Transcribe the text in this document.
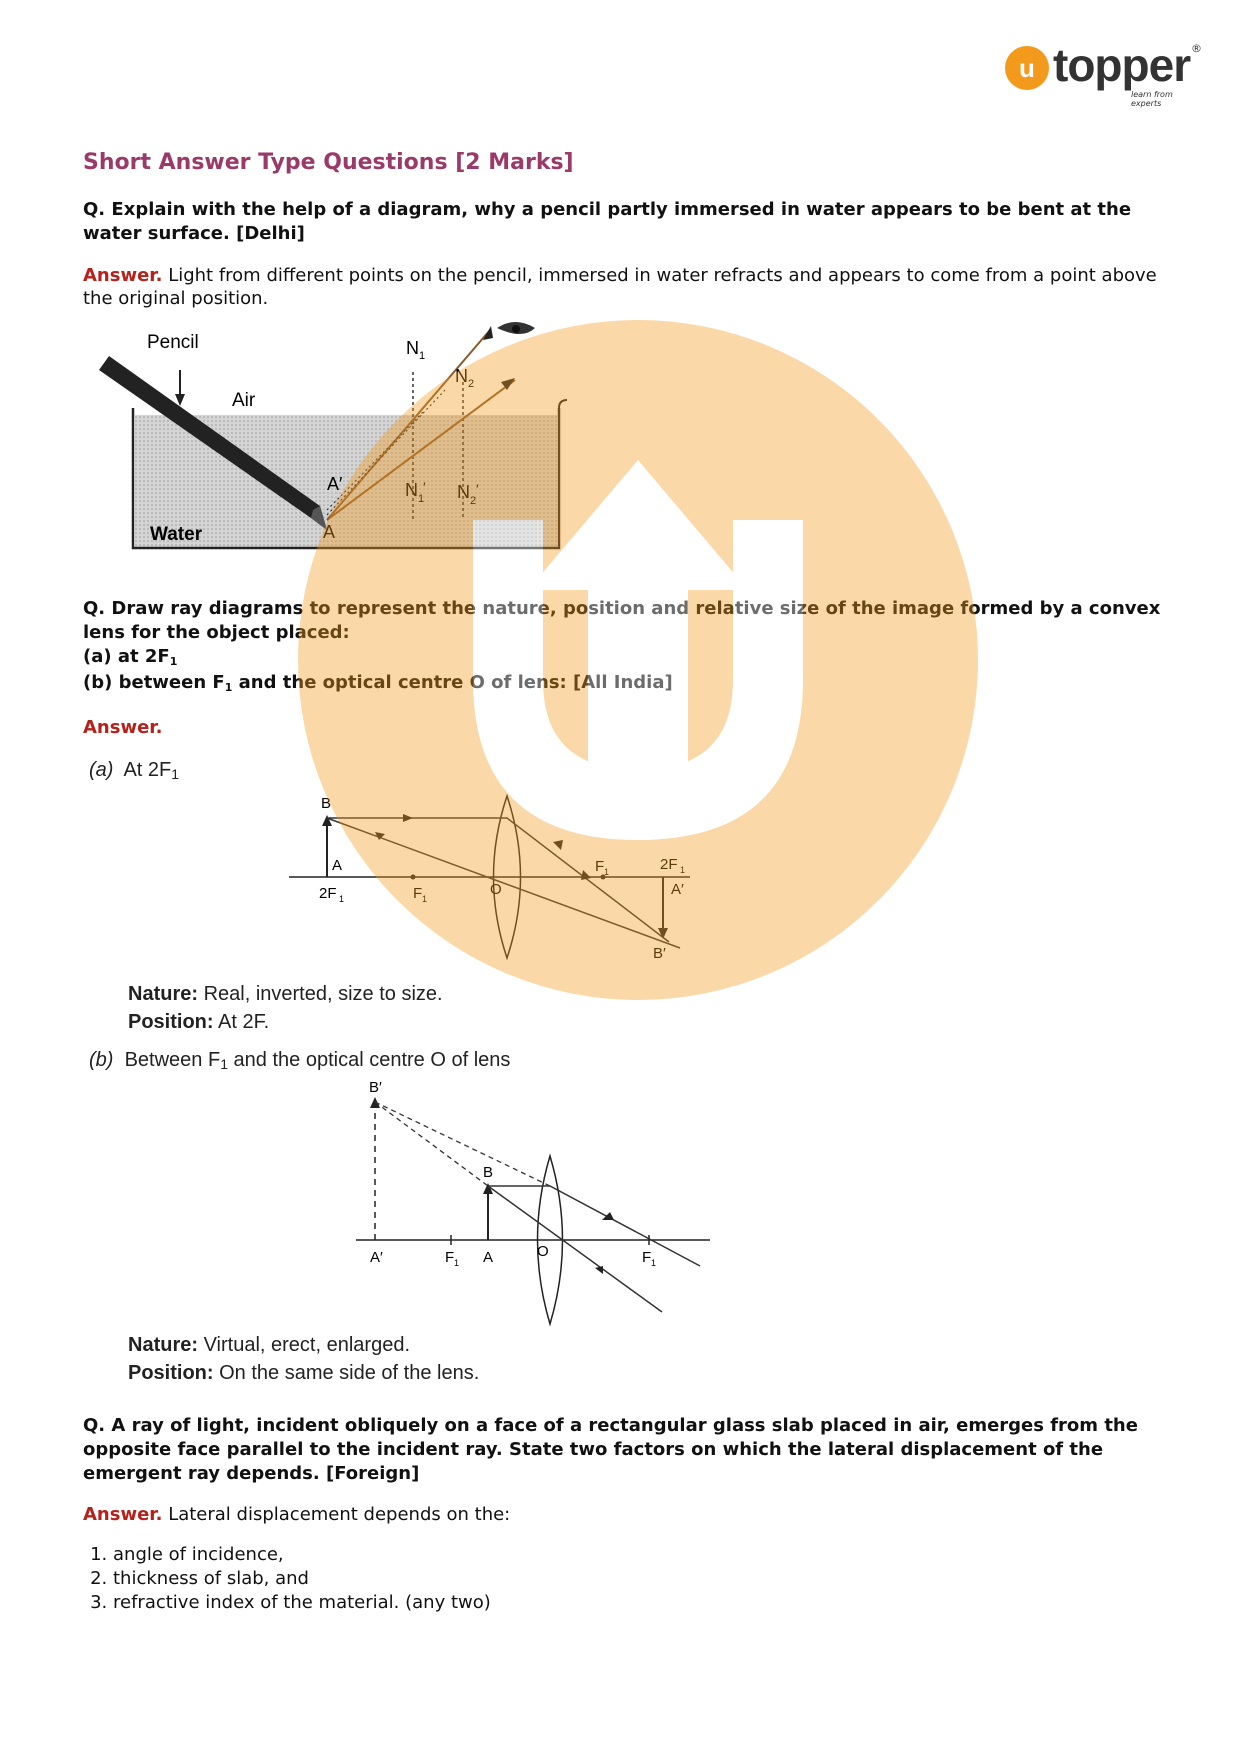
u topper ®
learn from experts
Short Answer Type Questions [2 Marks]
Q. Explain with the help of a diagram, why a pencil partly immersed in water appears to be bent at the water surface. [Delhi]
Answer. Light from different points on the pencil, immersed in water refracts and appears to come from a point above the original position.
Pencil
Air
Water
N 1
N 2
N 1
′ N 2
′
A′
A
Q. Draw ray diagrams to represent the nature, position and relative size of the image formed by a convex lens for the object placed:
(a) at 2F1
(b) between F1 and the optical centre O of lens: [All India]
Answer.
(a) At 2F1
B
A
2F 1	F 1
O
F 1	2F 1
A′
B′
Nature: Real, inverted, size to size.
Position: At 2F.
(b) Between F1 and the optical centre O of lens
B′
B
A′	F 1 A	O	F 1
Nature: Virtual, erect, enlarged.
Position: On the same side of the lens.
Q. A ray of light, incident obliquely on a face of a rectangular glass slab placed in air, emerges from the opposite face parallel to the incident ray. State two factors on which the lateral displacement of the emergent ray depends. [Foreign]
Answer. Lateral displacement depends on the:
1. angle of incidence,
2. thickness of slab, and
3. refractive index of the material. (any two)
